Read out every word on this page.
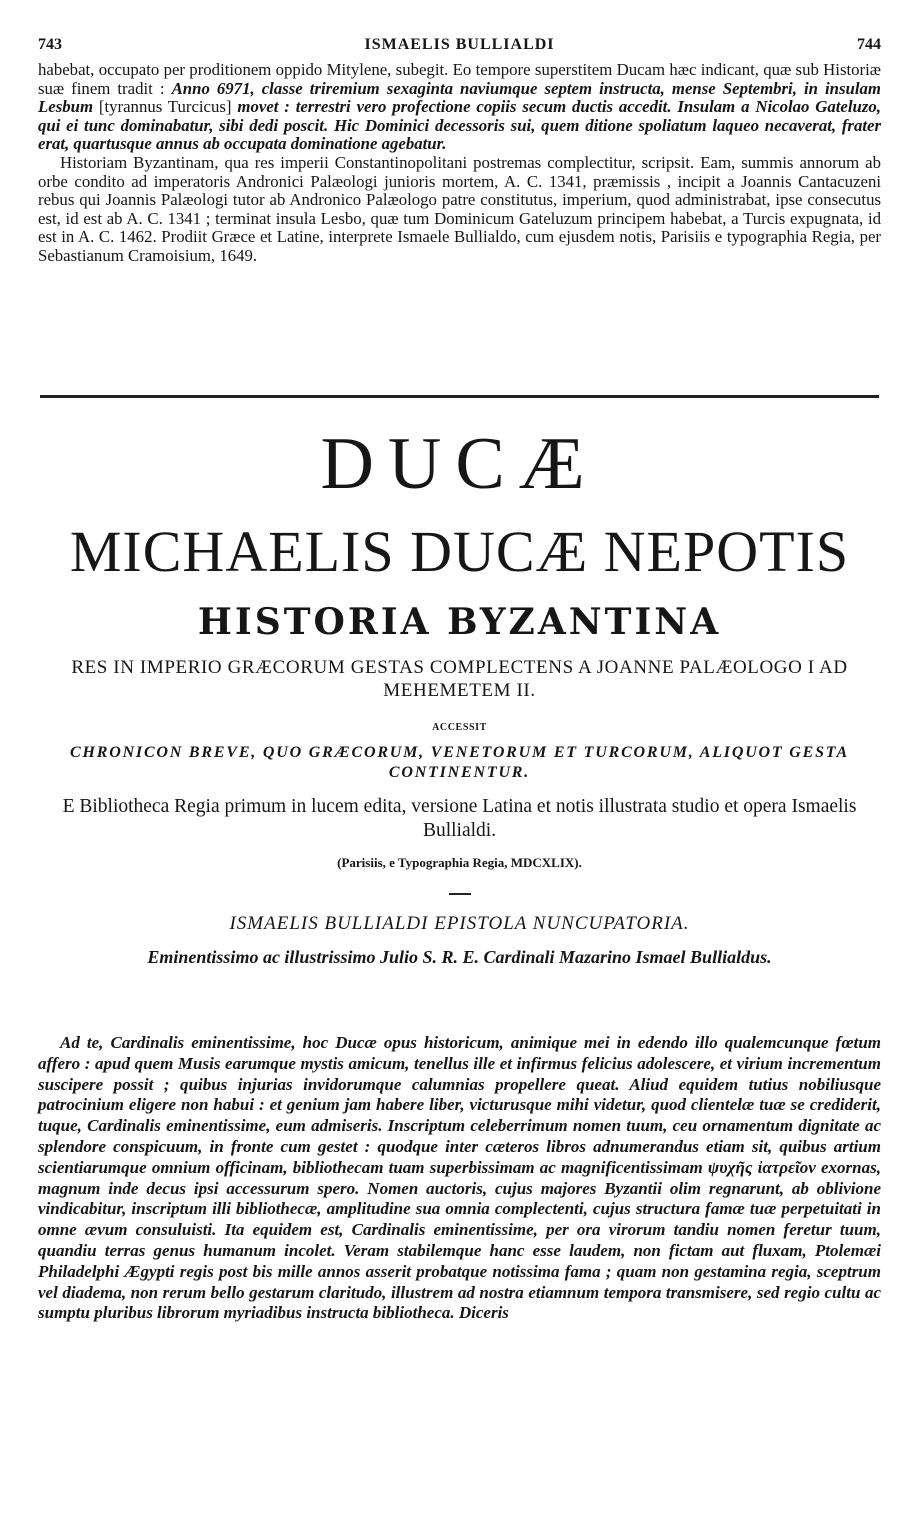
743	ISMAELIS BULLIALDI	744

habebat, occupato per proditionem oppido Mitylene, subegit. Eo tempore superstitem Ducam hæc indicant, quæ sub Historiæ suæ finem tradit : Anno 6971, classe triremium sexaginta naviumque septem instructa, mense Septembri, in insulam Lesbum [tyrannus Turcicus] movet : terrestri vero profectione copiis secum ductis accedit. Insulam a Nicolao Gateluzo, qui ei tunc dominabatur, sibi dedi poscit. Hic Dominici decessoris sui, quem ditione spoliatum laqueo necaverat, frater erat, quartusque annus ab occupata dominatione agebatur.

Historiam Byzantinam, qua res imperii Constantinopolitani postremas complectitur, scripsit. Eam, summis annorum ab orbe condito ad imperatoris Andronici Palæologi junioris mortem, A. C. 1341, præmissis , incipit a Joannis Cantacuzeni rebus qui Joannis Palæologi tutor ab Andronico Palæologo patre constitutus, imperium, quod administrabat, ipse consecutus est, id est ab A. C. 1341 ; terminat insula Lesbo, quæ tum Dominicum Gateluzum principem habebat, a Turcis expugnata, id est in A. C. 1462. Prodiit Græce et Latine, interprete Ismaele Bullialdo, cum ejusdem notis, Parisiis e typographia Regia, per Sebastianum Cramoisium, 1649.

DUCÆ
MICHAELIS DUCÆ NEPOTIS
HISTORIA BYZANTINA
RES IN IMPERIO GRÆCORUM GESTAS COMPLECTENS A JOANNE PALÆOLOGO I AD MEHEMETEM II.
ACCESSIT
CHRONICON BREVE, QUO GRÆCORUM, VENETORUM ET TURCORUM, ALIQUOT GESTA CONTINENTUR.
E Bibliotheca Regia primum in lucem edita, versione Latina et notis illustrata studio et opera Ismaelis Bullialdi.
(Parisiis, e Typographia Regia, MDCXLIX).
ISMAELIS BULLIALDI EPISTOLA NUNCUPATORIA.
Eminentissimo ac illustrissimo Julio S. R. E. Cardinali Mazarino Ismael Bullialdus.

Ad te, Cardinalis eminentissime, hoc Ducæ opus historicum, animique mei in edendo illo qualemcunque fœtum affero : apud quem Musis earumque mystis amicum, tenellus ille et infirmus felicius adolescere, et virium incrementum suscipere possit ; quibus injurias invidorumque calumnias propellere queat. Aliud equidem tutius nobiliusque patrocinium eligere non habui : et genium jam habere liber, victurusque mihi videtur, quod clientelæ tuæ se crediderit, tuque, Cardinalis eminentissime, eum admiseris. Inscriptum celeberrimum nomen tuum, ceu ornamentum dignitate ac splendore conspicuum, in fronte cum gestet : quodque inter cæteros libros adnumerandus etiam sit, quibus artium scientiarumque omnium officinam, bibliothecam tuam superbissimam ac magnificentissimam ψυχῆς ἰατρεῖον exornas, magnum inde decus ipsi accessurum spero. Nomen auctoris, cujus majores Byzantii olim regnarunt, ab oblivione vindicabitur, inscriptum illi bibliothecæ, amplitudine sua omnia complectenti, cujus structura famæ tuæ perpetuitati in omne ævum consuluisti. Ita equidem est, Cardinalis eminentissime, per ora virorum tandiu nomen feretur tuum, quandiu terras genus humanum incolet. Veram stabilemque hanc esse laudem, non fictam aut fluxam, Ptolemæi Philadelphi Ægypti regis post bis mille annos asserit probatque notissima fama ; quam non gestamina regia, sceptrum vel diadema, non rerum bello gestarum claritudo, illustrem ad nostra etiamnum tempora transmisere, sed regio cultu ac sumptu pluribus librorum myriadibus instructa bibliotheca. Diceris
